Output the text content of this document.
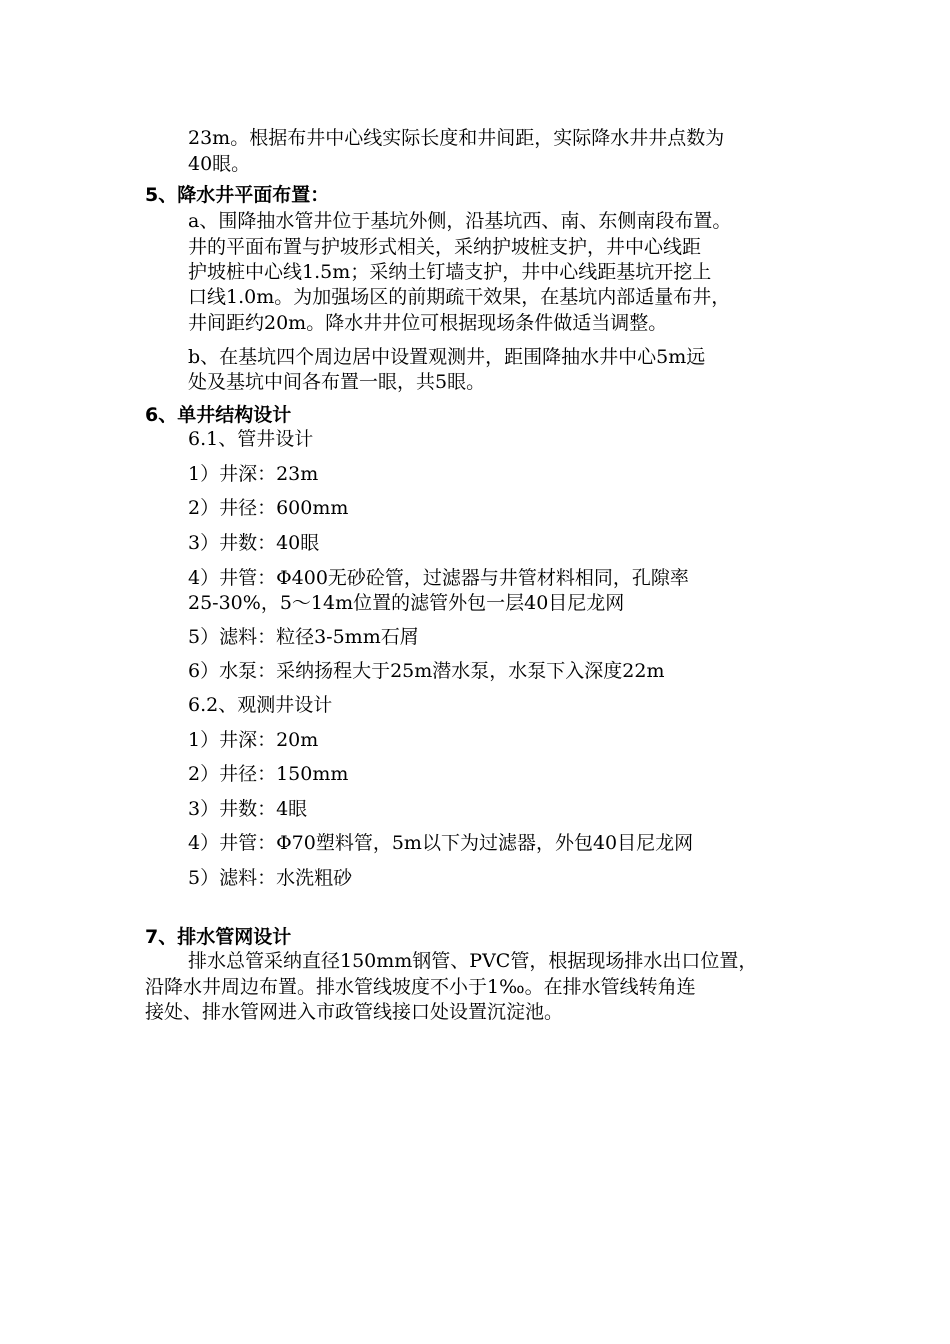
23m。根据布井中心线实际长度和井间距，实际降水井井点数为
40眼。
5、降水井平面布置：
a、围降抽水管井位于基坑外侧，沿基坑西、南、东侧南段布置。
井的平面布置与护坡形式相关，采纳护坡桩支护，井中心线距
护坡桩中心线1.5m；采纳土钉墙支护，井中心线距基坑开挖上
口线1.0m。为加强场区的前期疏干效果，在基坑内部适量布井，
井间距约20m。降水井井位可根据现场条件做适当调整。
b、在基坑四个周边居中设置观测井，距围降抽水井中心5m远
处及基坑中间各布置一眼，共5眼。
6、单井结构设计
6.1、管井设计
1）井深：23m
2）井径：600mm
3）井数：40眼
4）井管：Φ400无砂砼管，过滤器与井管材料相同，孔隙率
25-30%，5～14m位置的滤管外包一层40目尼龙网
5）滤料：粒径3-5mm石屑
6）水泵：采纳扬程大于25m潜水泵，水泵下入深度22m
6.2、观测井设计
1）井深：20m
2）井径：150mm
3）井数：4眼
4）井管：Φ70塑料管，5m以下为过滤器，外包40目尼龙网
5）滤料：水洗粗砂
7、排水管网设计
排水总管采纳直径150mm钢管、PVC管，根据现场排水出口位置，
沿降水井周边布置。排水管线坡度不小于1‰。在排水管线转角连
接处、排水管网进入市政管线接口处设置沉淀池。
